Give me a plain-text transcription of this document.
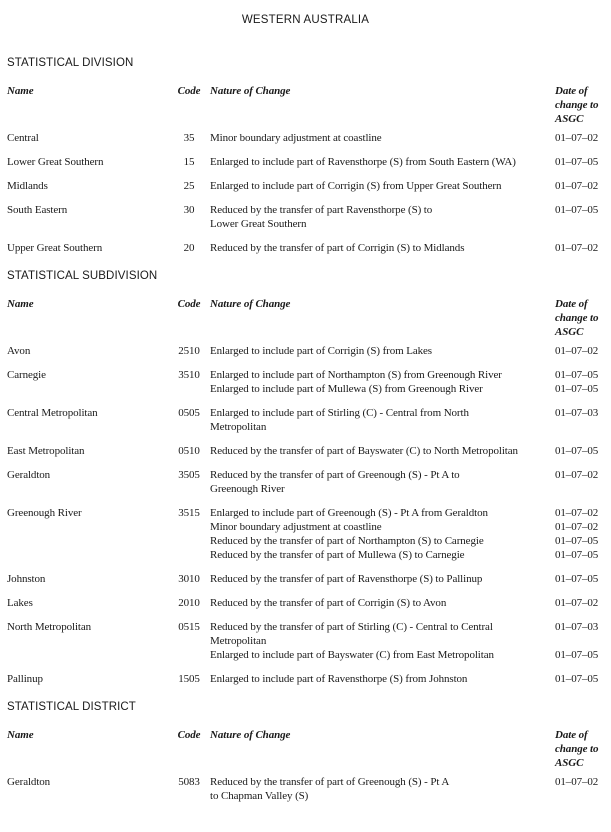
WESTERN AUSTRALIA
STATISTICAL DIVISION
Name	Code Nature of Change	Date of
change to
ASGC
Central	35	Minor boundary adjustment at coastline	01–07–02
Lower Great Southern	15	Enlarged to include part of Ravensthorpe (S) from South Eastern (WA)	01–07–05
Midlands	25	Enlarged to include part of Corrigin (S) from Upper Great Southern	01–07–02
South Eastern	30	Reduced by the transfer of part Ravensthorpe (S) to
Lower Great Southern
01–07–05
Upper Great Southern	20	Reduced by the transfer of part of Corrigin (S) to Midlands	01–07–02
STATISTICAL SUBDIVISION
Name	Code Nature of Change	Date of
change to
ASGC
Avon	2510 Enlarged to include part of Corrigin (S) from Lakes	01–07–02
Carnegie	3510 Enlarged to include part of Northampton (S) from Greenough River	01–07–05
Enlarged to include part of Mullewa (S) from Greenough River	01–07–05
Central Metropolitan	0505 Enlarged to include part of Stirling (C) - Central from North
Metropolitan
01–07–03
East Metropolitan	0510 Reduced by the transfer of part of Bayswater (C) to North Metropolitan	01–07–05
Geraldton	3505 Reduced by the transfer of part of Greenough (S) - Pt A to
Greenough River
01–07–02
Greenough River	3515 Enlarged to include part of Greenough (S) - Pt A from Geraldton	01–07–02
Minor boundary adjustment at coastline	01–07–02
Reduced by the transfer of part of Northampton (S) to Carnegie	01–07–05
Reduced by the transfer of part of Mullewa (S) to Carnegie	01–07–05
Johnston	3010 Reduced by the transfer of part of Ravensthorpe (S) to Pallinup	01–07–05
Lakes	2010 Reduced by the transfer of part of Corrigin (S) to Avon	01–07–02
North Metropolitan	0515 Reduced by the transfer of part of Stirling (C) - Central to Central
Metropolitan
01–07–03
Enlarged to include part of Bayswater (C) from East Metropolitan	01–07–05
Pallinup	1505 Enlarged to include part of Ravensthorpe (S) from Johnston	01–07–05
STATISTICAL DISTRICT
Name	Code Nature of Change	Date of
change to
ASGC
Geraldton	5083 Reduced by the transfer of part of Greenough (S) - Pt A
to Chapman Valley (S)
01–07–02
